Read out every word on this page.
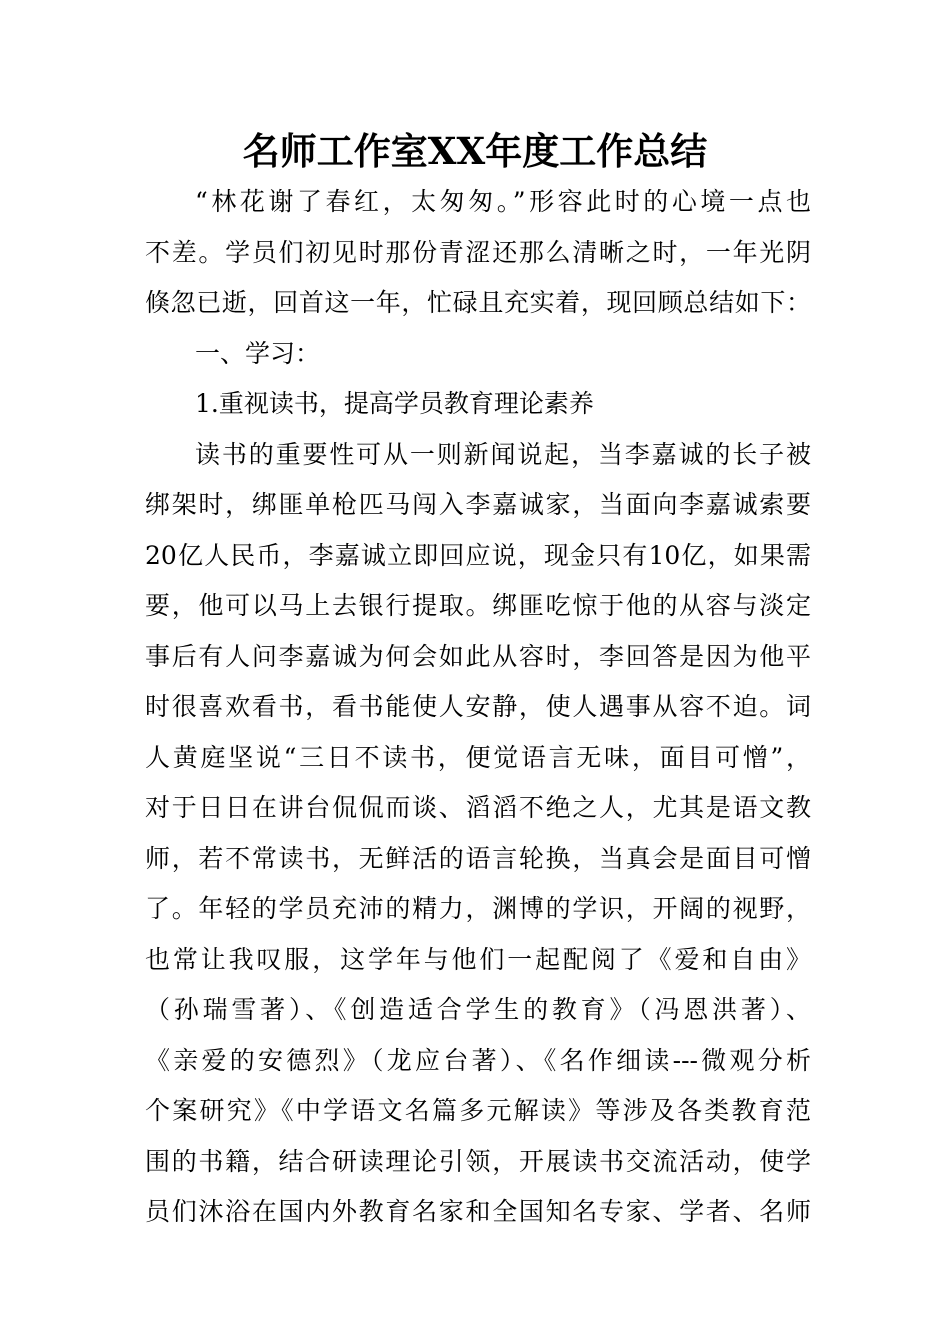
名师工作室XX年度工作总结
“林花谢了春红，太匆匆。”形容此时的心境一点也
不差。学员们初见时那份青涩还那么清晰之时，一年光阴
倏忽已逝，回首这一年，忙碌且充实着，现回顾总结如下：
一、学习：
1.重视读书，提高学员教育理论素养
读书的重要性可从一则新闻说起，当李嘉诚的长子被
绑架时，绑匪单枪匹马闯入李嘉诚家，当面向李嘉诚索要
20亿人民币，李嘉诚立即回应说，现金只有10亿，如果需
要，他可以马上去银行提取。绑匪吃惊于他的从容与淡定
事后有人问李嘉诚为何会如此从容时，李回答是因为他平
时很喜欢看书，看书能使人安静，使人遇事从容不迫。词
人黄庭坚说“三日不读书，便觉语言无味，面目可憎”，
对于日日在讲台侃侃而谈、滔滔不绝之人，尤其是语文教
师，若不常读书，无鲜活的语言轮换，当真会是面目可憎
了。年轻的学员充沛的精力，渊博的学识，开阔的视野，
也常让我叹服，这学年与他们一起配阅了《爱和自由》
（孙瑞雪著）、《创造适合学生的教育》（冯恩洪著）、
《亲爱的安德烈》（龙应台著）、《名作细读---微观分析
个案研究》《中学语文名篇多元解读》等涉及各类教育范
围的书籍，结合研读理论引领，开展读书交流活动，使学
员们沐浴在国内外教育名家和全国知名专家、学者、名师
